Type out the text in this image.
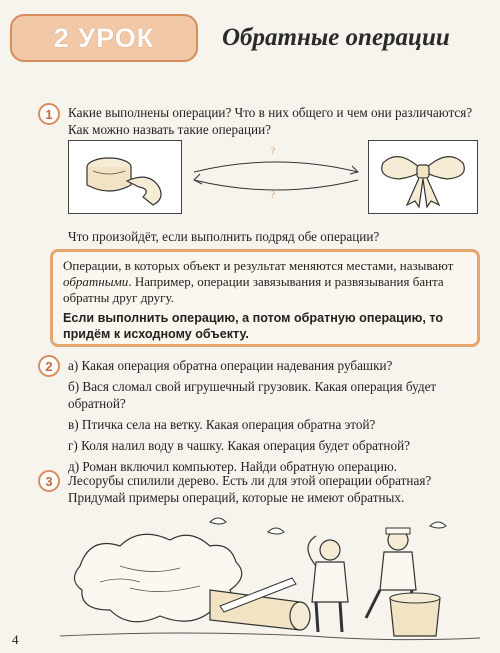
2 УРОК	Обратные операции
1	Какие выполнены операции? Что в них общего и чем они различаются? Как можно назвать такие операции?
?
?
Что произойдёт, если выполнить подряд обе операции?
Операции, в которых объект и результат меняются местами, называют обратными. Например, операции завязывания и развязывания банта обратны друг другу.
Если выполнить операцию, а потом обратную операцию, то придём к исходному объекту.
2	а) Какая операция обратна операции надевания рубашки?
б) Вася сломал свой игрушечный грузовик. Какая операция будет обратной?
в) Птичка села на ветку. Какая операция обратна этой?
г) Коля налил воду в чашку. Какая операция будет обратной?
д) Роман включил компьютер. Найди обратную операцию.
3	Лесорубы спилили дерево. Есть ли для этой операции обратная? Придумай примеры операций, которые не имеют обратных.
4
